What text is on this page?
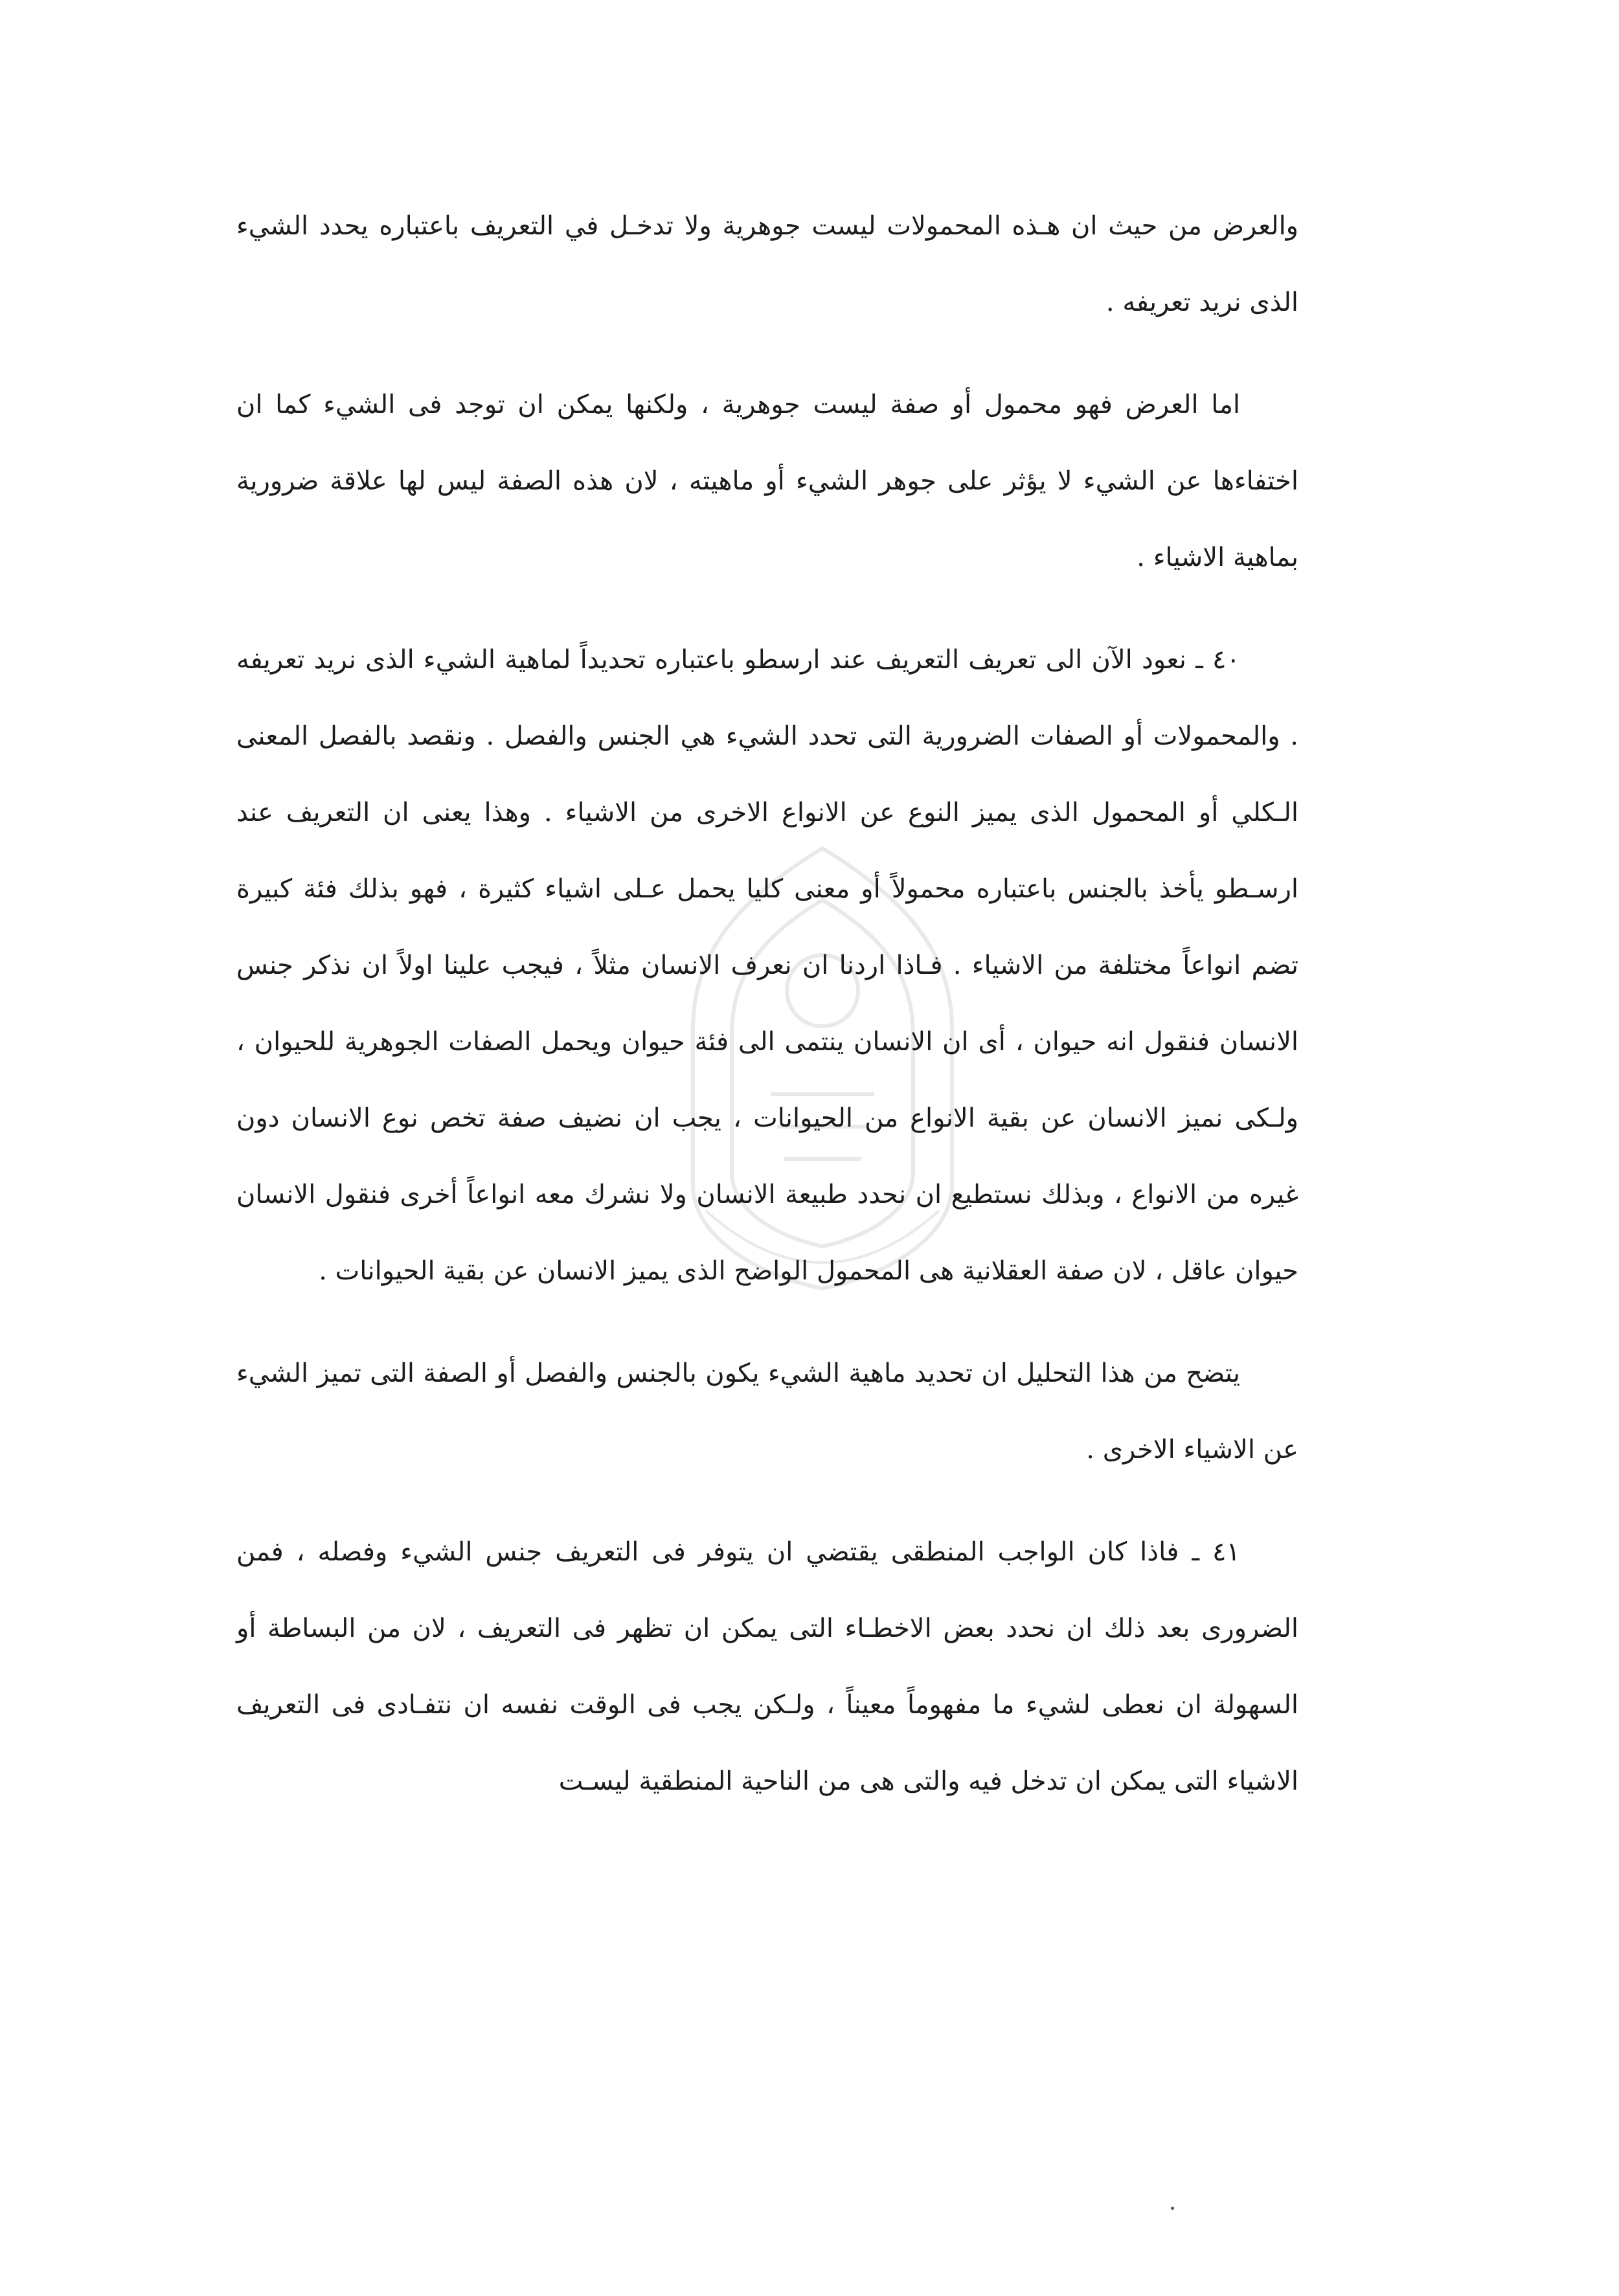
والعرض من حيث ان هـذه المحمولات ليست جوهرية ولا تدخـل في التعريف باعتباره يحدد الشيء الذى نريد تعريفه .

اما العرض فهو محمول أو صفة ليست جوهرية ، ولكنها يمكن ان توجد فى الشيء كما ان اختفاءها عن الشيء لا يؤثر على جوهر الشيء أو ماهيته ، لان هذه الصفة ليس لها علاقة ضرورية بماهية الاشياء .

٤٠ ـ نعود الآن الى تعريف التعريف عند ارسطو باعتباره تحديداً لماهية الشيء الذى نريد تعريفه . والمحمولات أو الصفات الضرورية التى تحدد الشيء هي الجنس والفصل . ونقصد بالفصل المعنى الـكلي أو المحمول الذى يميز النوع عن الانواع الاخرى من الاشياء . وهذا يعنى ان التعريف عند ارسـطو يأخذ بالجنس باعتباره محمولاً أو معنى كليا يحمل عـلى اشياء كثيرة ، فهو بذلك فئة كبيرة تضم انواعاً مختلفة من الاشياء . فـاذا اردنا ان نعرف الانسان مثلاً ، فيجب علينا اولاً ان نذكر جنس الانسان فنقول انه حيوان ، أى ان الانسان ينتمى الى فئة حيوان ويحمل الصفات الجوهرية للحيوان ، ولـكى نميز الانسان عن بقية الانواع من الحيوانات ، يجب ان نضيف صفة تخص نوع الانسان دون غيره من الانواع ، وبذلك نستطيع ان نحدد طبيعة الانسان ولا نشرك معه انواعاً أخرى فنقول الانسان حيوان عاقل ، لان صفة العقلانية هى المحمول الواضح الذى يميز الانسان عن بقية الحيوانات .

يتضح من هذا التحليل ان تحديد ماهية الشيء يكون بالجنس والفصل أو الصفة التى تميز الشيء عن الاشياء الاخرى .

٤١ ـ فاذا كان الواجب المنطقى يقتضي ان يتوفر فى التعريف جنس الشيء وفصله ، فمن الضرورى بعد ذلك ان نحدد بعض الاخطـاء التى يمكن ان تظهر فى التعريف ، لان من البساطة أو السهولة ان نعطى لشيء ما مفهوماً معيناً ، ولـكن يجب فى الوقت نفسه ان نتفـادى فى التعريف الاشياء التى يمكن ان تدخل فيه والتى هى من الناحية المنطقية ليسـت
